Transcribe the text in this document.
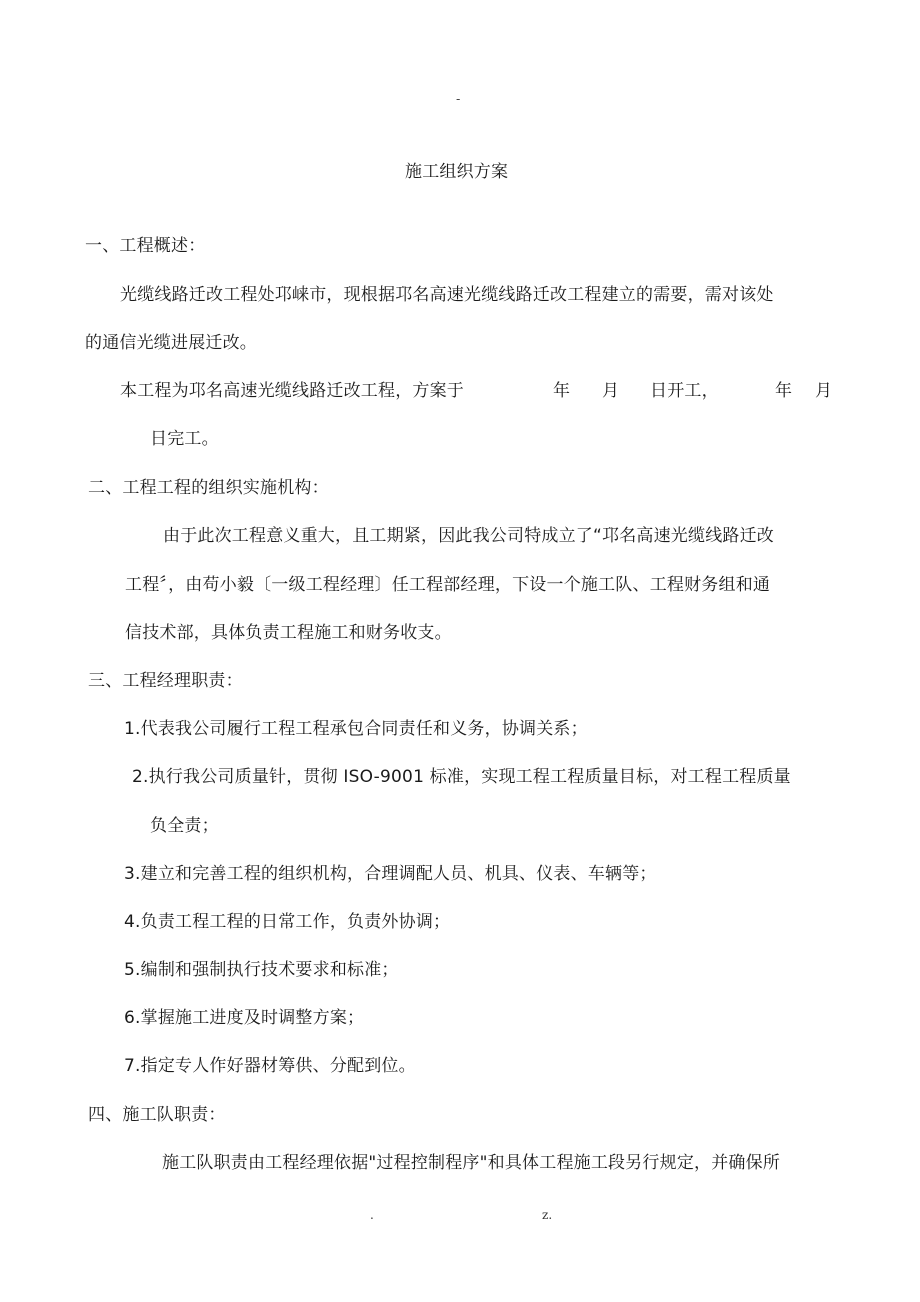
-
施工组织方案
一、工程概述：
光缆线路迁改工程处邛崃市，现根据邛名高速光缆线路迁改工程建立的需要，需对该处
的通信光缆进展迁改。
本工程为邛名高速光缆线路迁改工程，方案于	年 月 日开工，	年 月
日完工。
二、工程工程的组织实施机构：
由于此次工程意义重大，且工期紧，因此我公司特成立了“邛名高速光缆线路迁改
工程〞，由苟小毅〔一级工程经理〕任工程部经理，下设一个施工队、工程财务组和通
信技术部，具体负责工程施工和财务收支。
三、工程经理职责：
1.代表我公司履行工程工程承包合同责任和义务，协调关系；
2.执行我公司质量针，贯彻 ISO-9001 标准，实现工程工程质量目标，对工程工程质量
负全责；
3.建立和完善工程的组织机构，合理调配人员、机具、仪表、车辆等；
4.负责工程工程的日常工作，负责外协调；
5.编制和强制执行技术要求和标准；
6.掌握施工进度及时调整方案；
7.指定专人作好器材筹供、分配到位。
四、施工队职责：
施工队职责由工程经理依据"过程控制程序"和具体工程施工段另行规定，并确保所
.	z.
